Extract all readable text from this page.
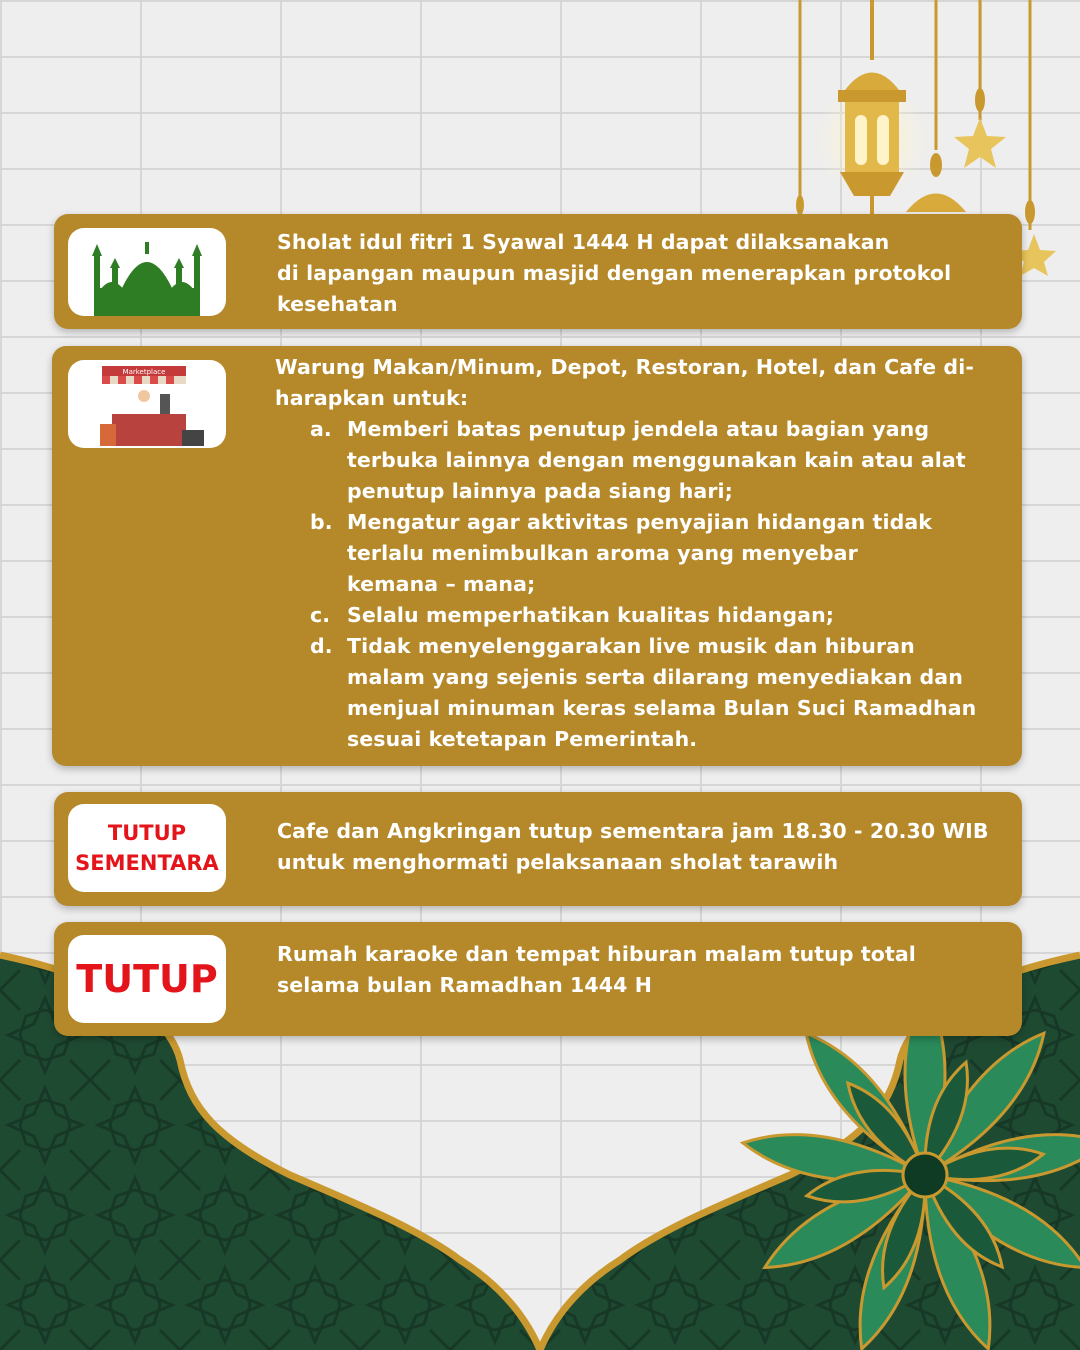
Sholat idul fitri 1 Syawal 1444 H dapat dilaksanakan
di lapangan maupun masjid dengan menerapkan protokol
kesehatan
Marketplace	Warung Makan/Minum, Depot, Restoran, Hotel, dan Cafe di-
harapkan untuk:
a. Memberi batas penutup jendela atau bagian yang
terbuka lainnya dengan menggunakan kain atau alat
penutup lainnya pada siang hari;
b. Mengatur agar aktivitas penyajian hidangan tidak
terlalu menimbulkan aroma yang menyebar
kemana – mana;
c. Selalu memperhatikan kualitas hidangan;
d. Tidak menyelenggarakan live musik dan hiburan
malam yang sejenis serta dilarang menyediakan dan
menjual minuman keras selama Bulan Suci Ramadhan
sesuai ketetapan Pemerintah.
TUTUP
SEMENTARA
Cafe dan Angkringan tutup sementara jam 18.30 - 20.30 WIB
untuk menghormati pelaksanaan sholat tarawih
TUTUP
Rumah karaoke dan tempat hiburan malam tutup total
selama bulan Ramadhan 1444 H
